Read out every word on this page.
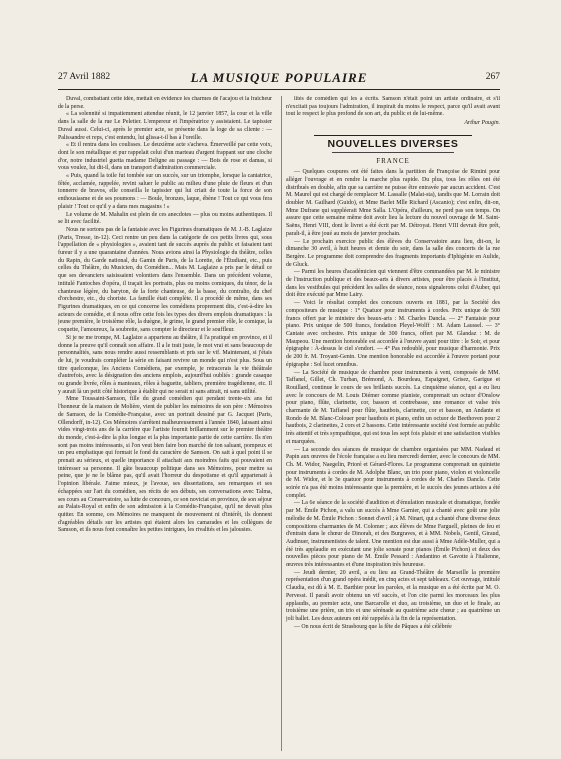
27 Avril 1882	LA MUSIQUE POPULAIRE	267

Duval, combattant cette idée, mettait en évidence les charmes de l'acajou et la fraîcheur de la perse.

« La solennité si impatiemment attendue réunit, le 12 janvier 1857, la cour et la ville dans la salle de la rue Le Peletier. L'empereur et l'impératrice y assistaient. Le tapissier Duval aussi. Celui-ci, après le premier acte, se présente dans la loge de sa cliente : — Palissandre et reps, c'est entendu, lui glissa-t-il bas à l'oreille.

« Et il rentra dans les coulisses. Le deuxième acte s'acheva. Émerveillé par cette voix, dont le son métallique et pur rappelait celui d'un marteau d'argent frappant sur une cloche d'or, notre industriel guetta madame Deligne au passage : — Bois de rose et damas, si vous voulez, lui dit-il, dans un transport d'admiration commerciale.

« Puis, quand la toile fut tombée sur un succès, sur un triomphe, lorsque la cantatrice, fêtée, acclamée, rappelée, revint saluer le public au milieu d'une pluie de fleurs et d'un tonnerre de bravos, elle conseilla le tapissier qui lui criait de toute la force de son enthousiasme et de ses poumons : — Boule, bronzes, laque, ébène ! Tout ce qui vous fera plaisir ! Tout ce qu'il y a dans mes magasins ! »

Le volume de M. Mahalin est plein de ces anecdotes — plus ou moins authentiques. Il se lit avec facilité.

Nous ne sortons pas de la fantaisie avec les Figurines dramatiques de M. J.-B. Laglaize (Paris, Tresse, in-12). Ceci rentre un peu dans la catégorie de ces petits livres qui, sous l'appellation de « physiologies », avaient tant de succès auprès du public et faisaient tant fureur il y a une quarantaine d'années. Nous avions ainsi la Physiologie du théâtre, celles du Rapin, du Garde national, du Gamin de Paris, de la Lorette, de l'Étudiant, etc., puis celles du Théâtre, du Musicien, du Comédien... Mais M. Laglaize a pris par le détail ce que ses devanciers saisissaient volontiers dans l'ensemble. Dans un précédent volume, intitulé Fantoches d'opéra, il traçait les portraits, plus ou moins comiques, du ténor, de la chanteuse légère, du baryton, de la forte chanteuse, de la basse, du contralto, du chef d'orchestre, etc., du choriste. La famille était complète. Il a procédé de même, dans ses Figurines dramatiques, en ce qui concerne les comédiens proprement dits, c'est-à-dire les acteurs de comédie, et il nous offre cette fois les types des divers emplois dramatiques : la jeune première, le troisième rôle, la duègne, le grime, le grand premier rôle, le comique, la coquette, l'amoureux, la soubrette, sans compter le directeur et le souffleur.

Si je ne me trompe, M. Laglaize a appartenu au théâtre, il l'a pratiqué en province, et il donne la preuve qu'il connaît son affaire. Il a le trait juste, le mot vrai et sans beaucoup de personnalités, sans nous rendre aussi ressemblants et pris sur le vif. Maintenant, si j'étais de lui, je voudrais compléter la série en faisant revivre un monde qui n'est plus. Sous un titre quelconque, les Anciens Comédiens, par exemple, je retracerais la vie théâtrale d'autrefois, avec la désignation des anciens emplois, aujourd'hui oubliés : grande casaque ou grande livrée, rôles à manteaux, rôles à baguette, tabliers, première tragédienne, etc. Il y aurait là un petit côté historique à établir qui ne serait ni sans attrait, ni sans utilité.

Mme Toussaint-Samson, fille du grand comédien qui pendant trente-six ans fut l'honneur de la maison de Molière, vient de publier les mémoires de son père : Mémoires de Samson, de la Comédie-Française, avec un portrait dessiné par G. Jacquet (Paris, Ollendorff, in-12). Ces Mémoires s'arrêtent malheureusement à l'année 1840, laissant ainsi vides vingt-trois ans de la carrière que l'artiste fournit brillamment sur le premier théâtre du monde, c'est-à-dire la plus longue et la plus importante partie de cette carrière. Ils n'en sont pas moins intéressants, si l'on veut bien faire bon marché de ton saluant, pompeux et un peu emphatique qui formait le fond du caractère de Samson. On sait à quel point il se prenait au sérieux, et quelle importance il attachait aux moindres faits qui pouvaient en intéresser sa personne. Il gâte beaucoup politique dans ses Mémoires, pour mettre sa peine, que je ne le blâme pas, qu'il avait l'horreur du despotisme et qu'il appartenait à l'opinion libérale. J'aime mieux, je l'avoue, ses dissertations, ses remarques et ses échappées sur l'art du comédien, ses récits de ses débuts, ses conversations avec Talma, ses cours au Conservatoire, sa lutte de concours, ce son noviciat en province, de son séjour au Palais-Royal et enfin de son admission à la Comédie-Française, qu'il ne devait plus quitter. En somme, ces Mémoires ne manquent de mouvement ni d'intérêt, ils donnent d'agréables détails sur les artistes qui étaient alors les camarades et les collègues de Samson, et ils nous font connaître les petites intrigues, les rivalités et les jalousies.

lités de comédien qui les a écrits. Samson n'était point un artiste ordinaire, et s'il n'excitait pas toujours l'admiration, il inspirait du moins le respect, parce qu'il avait avant tout le respect le plus profond de son art, du public et de lui-même.

Arthur Pougin.
NOUVELLES DIVERSES
FRANCE

— Quelques coupures ont été faites dans la partition de Françoise de Rimini pour alléger l'ouvrage et en rendre la marche plus rapide. Du plus, tous les rôles ont été distribués en double, afin que sa carrière ne puisse être entravée par aucun accident. C'est M. Maurel qui est chargé de remplacer M. Lassalle (Malat-sta), tandis que M. Lorrain doit doubler M. Gailhard (Guido), et Mme Barlet Mlle Richard (Ascanio); c'est enfin, dit-on, Mme Dufrane qui suppléerait Mme Salla. L'Opéra, d'ailleurs, ne perd pas son temps. On assure que cette semaine même doit avoir lieu la lecture du nouvel ouvrage de M. Saint-Saëns, Henri VIII, dont le livret a été écrit par M. Détroyat. Henri VIII devrait être prêt, paraît-il, à être joué au mois de janvier prochain.

— Le prochain exercice public des élèves du Conservatoire aura lieu, dit-on, le dimanche 30 avril, à huit heures et demie du soir, dans la salle des concerts de la rue Bergère. Le programme doit comprendre des fragments importants d'Iphigénie en Aulide, de Gluck.

— Parmi les heures d'académicien qui viennent d'être commandées par M. le ministre de l'instruction publique et des beaux-arts à divers artistes, pour être placés à l'Institut, dans les vestibules qui précèdent les salles de séance, nous signalerons celui d'Auber, qui doit être exécuté par Mme Lairy.

— Voici le résultat complet des concours ouverts en 1881, par la Société des compositeurs de musique : 1° Quatuor pour instruments à cordes. Prix unique de 500 francs offert par le ministre des beaux-arts : M. Charles Dancla. — 2° Fantaisie pour piano. Prix unique de 500 francs, fondation Pleyel-Wolff : M. Adam Laussel. — 3° Cantate avec orchestre. Prix unique de 300 francs, offert par M. Glandaz : M. de Maupeou. Une mention honorable est accordée à l'œuvre ayant pour titre : le Soir, et pour épigraphe : À-dessus le ciel s'endort. — 4° Pas redoublé, pour musique d'harmonie. Prix de 200 fr. M. Troyant-Genin. Une mention honorable est accordée à l'œuvre portant pour épigraphe : Sol lucet omnibus.

— La Société de musique de chambre pour instruments à vent, composée de MM. Taffanel, Gillet, Ch. Turban, Brémond, A. Bourdeau, Espaignet, Grisez, Garigue et Rouillard, continue le cours de ses brillants succès. La cinquième séance, qui a eu lieu avec le concours de M. Louis Diémer comme pianiste, comprenait un octuor d'Onslow pour piano, flûte, clarinette, cor, basson et contrebasse, une romance et valse très charmante de M. Taffanel pour flûte, hautbois, clarinette, cor et basson, un Andante et Rondo de M. Blanc-Colouer pour hautbois et piano, enfin un octuor de Beethoven pour 2 hautbois, 2 clarinettes, 2 cors et 2 bassons. Cette intéressante société s'est formée au public très attentif et très sympathique, qui est tous les sept fois plaisir et une satisfaction visibles et marquées.

— La seconde des séances de musique de chambre organisées par MM. Nadaud et Papin aux œuvres de l'école française a eu lieu mercredi dernier, avec le concours de MM. Ch. M. Widor, Naegelin, Prioré et Gérard-Flores. Le programme comprenait un quintette pour instruments à cordes de M. Adolphe Blanc, un trio pour piano, violon et violoncelle de M. Widor, et le 3e quatuor pour instruments à cordes de M. Charles Dancla. Cette soirée n'a pas été moins intéressante que la première, et le succès des jeunes artistes a été complet.

— La 6e séance de la société d'audition et d'émulation musicale et dramatique, fondée par M. Émile Pichon, a valu un succès à Mme Garnier, qui a chanté avec goût une jolie mélodie de M. Émile Pichon : Sonnet d'avril ; à M. Ninart, qui a chanté d'une diverse deux compositions charmantes de M. Colomer ; aux élèves de Mme Farguell, pleines de feu et d'entrain dans le chœur de Dinorah, et des Burgraves, et à MM. Nobels, Gentil, Giraud, Audinuer, instrumentistes de talent. Une mention est due aussi à Mme Adèle-Muller, qui a été très applaudie en exécutant une jolie sonate pour pianos (Émile Pichon) et deux des nouvelles pièces pour piano de M. Émile Pessard : Andantino et Gavotte à l'italienne, œuvres très intéressantes et d'une inspiration très heureuse.

— Jeudi dernier, 20 avril, a eu lieu au Grand-Théâtre de Marseille la première représentation d'un grand opéra inédit, en cinq actes et sept tableaux. Cet ouvrage, intitulé Claudia, est dû à M. E. Barthier pour les paroles, et la musique en a été écrite par M. O. Pervesst. Il paraît avoir obtenu un vif succès, et l'on cite parmi les morceaux les plus applaudis, au premier acte, une Barcarolle et duo, au troisième, un duo et le finale, au troisième une prière, un trio et une sérénade au quatrième acte chœur ; au quatrième un joli ballet. Les deux auteurs ont été rappelés à la fin de la représentation.

— On nous écrit de Strasbourg que la fête de Pâques a été célébrée
